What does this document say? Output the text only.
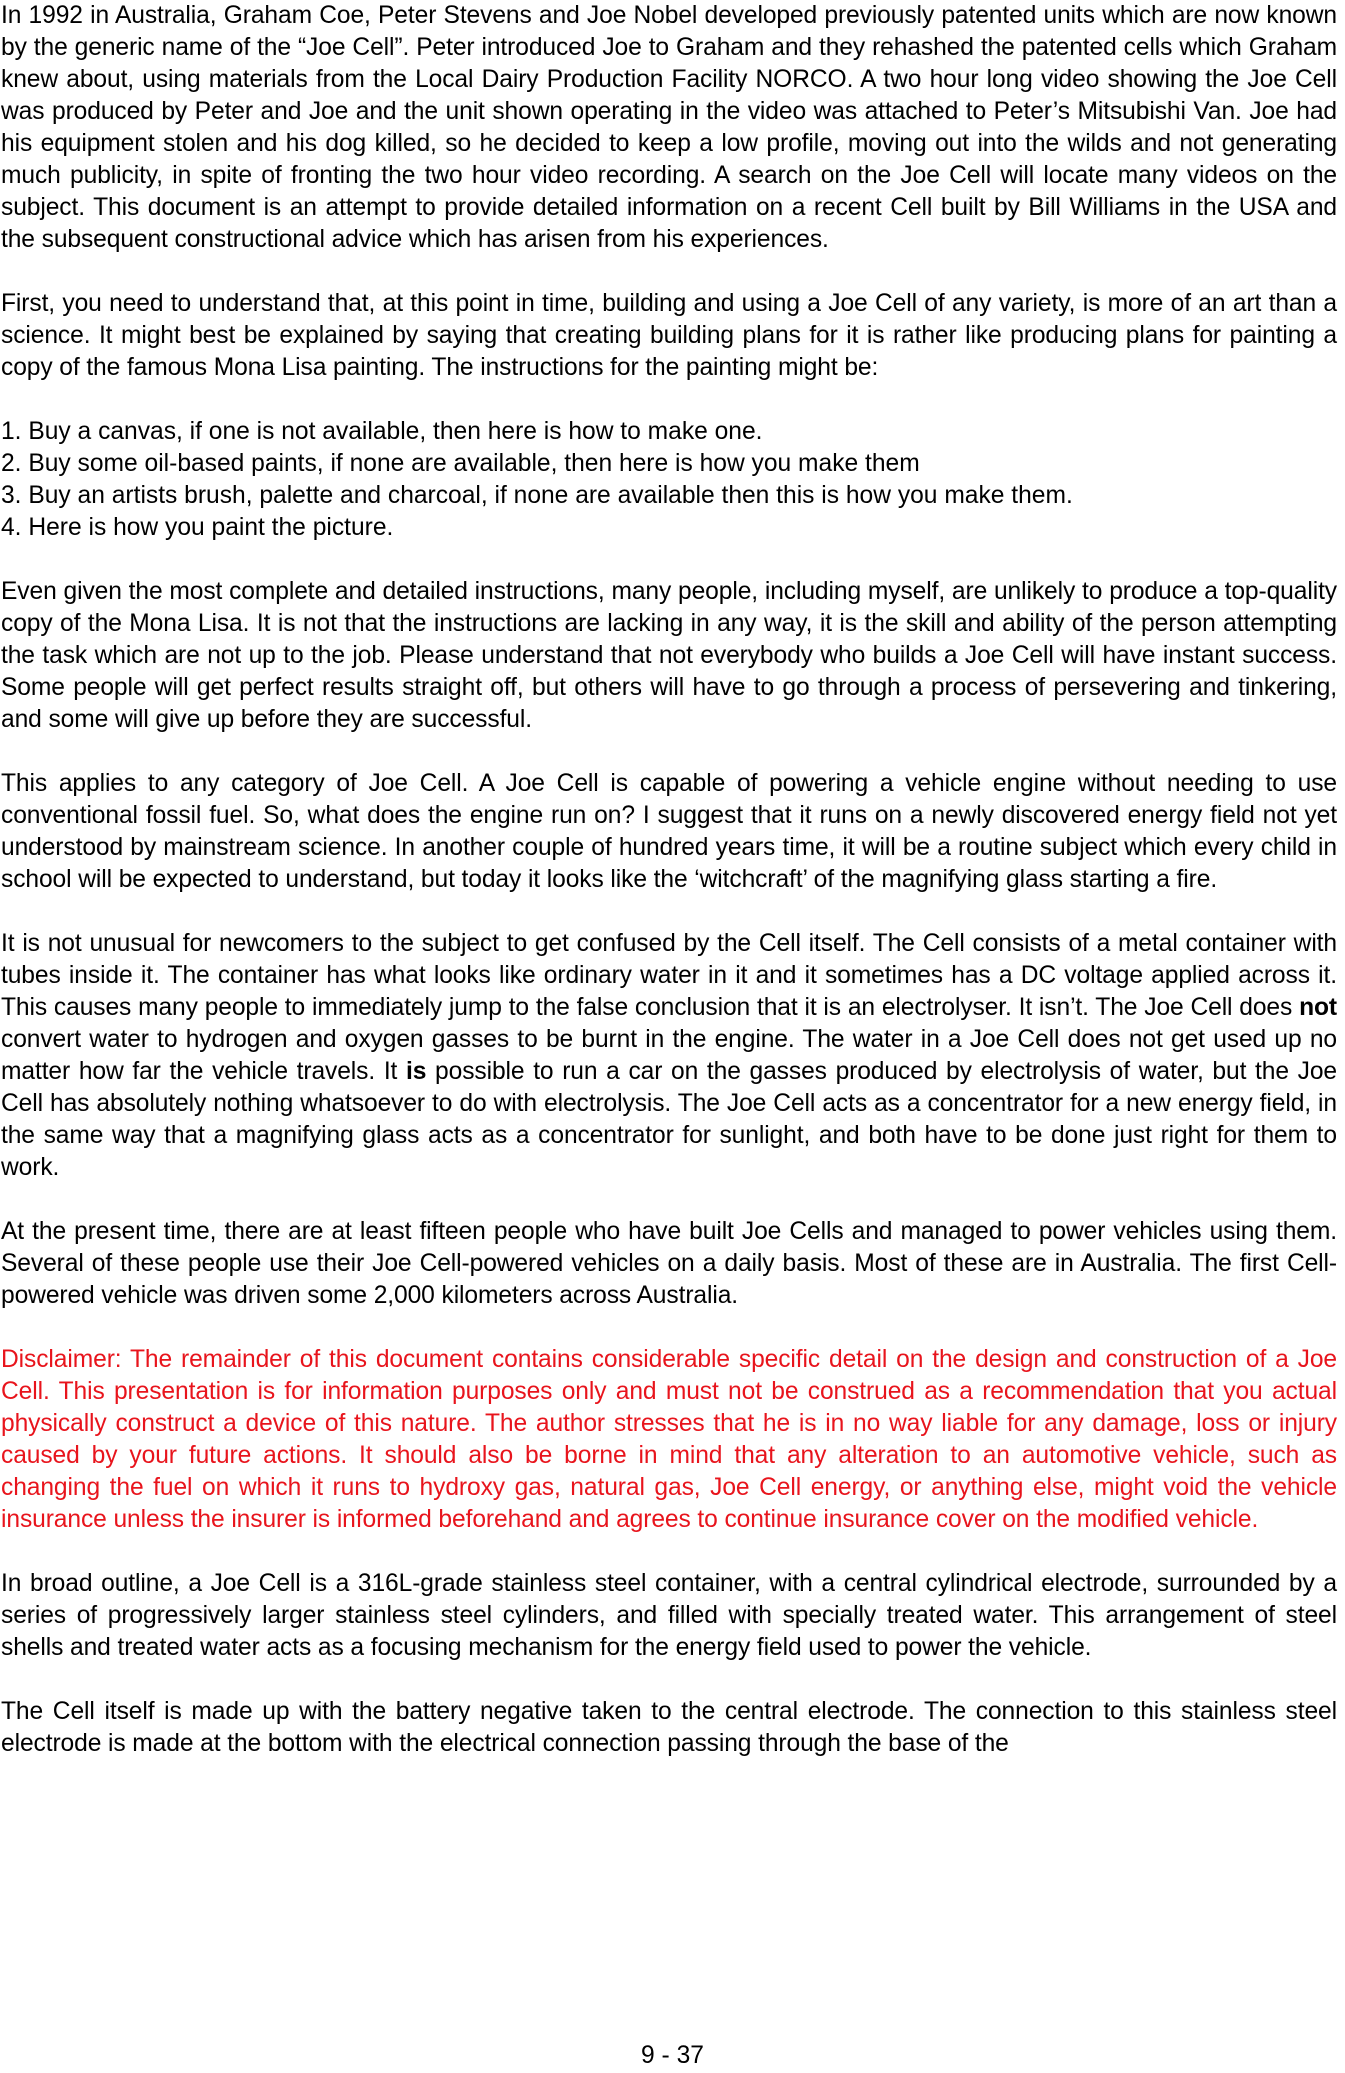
In 1992 in Australia, Graham Coe, Peter Stevens and Joe Nobel developed previously patented units which are now known by the generic name of the “Joe Cell”. Peter introduced Joe to Graham and they rehashed the patented cells which Graham knew about, using materials from the Local Dairy Production Facility NORCO. A two hour long video showing the Joe Cell was produced by Peter and Joe and the unit shown operating in the video was attached to Peter’s Mitsubishi Van. Joe had his equipment stolen and his dog killed, so he decided to keep a low profile, moving out into the wilds and not generating much publicity, in spite of fronting the two hour video recording. A search on the Joe Cell will locate many videos on the subject. This document is an attempt to provide detailed information on a recent Cell built by Bill Williams in the USA and the subsequent constructional advice which has arisen from his experiences.

First, you need to understand that, at this point in time, building and using a Joe Cell of any variety, is more of an art than a science. It might best be explained by saying that creating building plans for it is rather like producing plans for painting a copy of the famous Mona Lisa painting. The instructions for the painting might be:

1. Buy a canvas, if one is not available, then here is how to make one.
2. Buy some oil-based paints, if none are available, then here is how you make them
3. Buy an artists brush, palette and charcoal, if none are available then this is how you make them.
4. Here is how you paint the picture.

Even given the most complete and detailed instructions, many people, including myself, are unlikely to produce a top-quality copy of the Mona Lisa. It is not that the instructions are lacking in any way, it is the skill and ability of the person attempting the task which are not up to the job. Please understand that not everybody who builds a Joe Cell will have instant success. Some people will get perfect results straight off, but others will have to go through a process of persevering and tinkering, and some will give up before they are successful.

This applies to any category of Joe Cell. A Joe Cell is capable of powering a vehicle engine without needing to use conventional fossil fuel. So, what does the engine run on? I suggest that it runs on a newly discovered energy field not yet understood by mainstream science. In another couple of hundred years time, it will be a routine subject which every child in school will be expected to understand, but today it looks like the ‘witchcraft’ of the magnifying glass starting a fire.

It is not unusual for newcomers to the subject to get confused by the Cell itself. The Cell consists of a metal container with tubes inside it. The container has what looks like ordinary water in it and it sometimes has a DC voltage applied across it. This causes many people to immediately jump to the false conclusion that it is an electrolyser. It isn’t. The Joe Cell does not convert water to hydrogen and oxygen gasses to be burnt in the engine. The water in a Joe Cell does not get used up no matter how far the vehicle travels. It is possible to run a car on the gasses produced by electrolysis of water, but the Joe Cell has absolutely nothing whatsoever to do with electrolysis. The Joe Cell acts as a concentrator for a new energy field, in the same way that a magnifying glass acts as a concentrator for sunlight, and both have to be done just right for them to work.

At the present time, there are at least fifteen people who have built Joe Cells and managed to power vehicles using them. Several of these people use their Joe Cell-powered vehicles on a daily basis. Most of these are in Australia. The first Cell-powered vehicle was driven some 2,000 kilometers across Australia.

Disclaimer: The remainder of this document contains considerable specific detail on the design and construction of a Joe Cell. This presentation is for information purposes only and must not be construed as a recommendation that you actual physically construct a device of this nature. The author stresses that he is in no way liable for any damage, loss or injury caused by your future actions. It should also be borne in mind that any alteration to an automotive vehicle, such as changing the fuel on which it runs to hydroxy gas, natural gas, Joe Cell energy, or anything else, might void the vehicle insurance unless the insurer is informed beforehand and agrees to continue insurance cover on the modified vehicle.

In broad outline, a Joe Cell is a 316L-grade stainless steel container, with a central cylindrical electrode, surrounded by a series of progressively larger stainless steel cylinders, and filled with specially treated water. This arrangement of steel shells and treated water acts as a focusing mechanism for the energy field used to power the vehicle.

The Cell itself is made up with the battery negative taken to the central electrode. The connection to this stainless steel electrode is made at the bottom with the electrical connection passing through the base of the

9 - 37
